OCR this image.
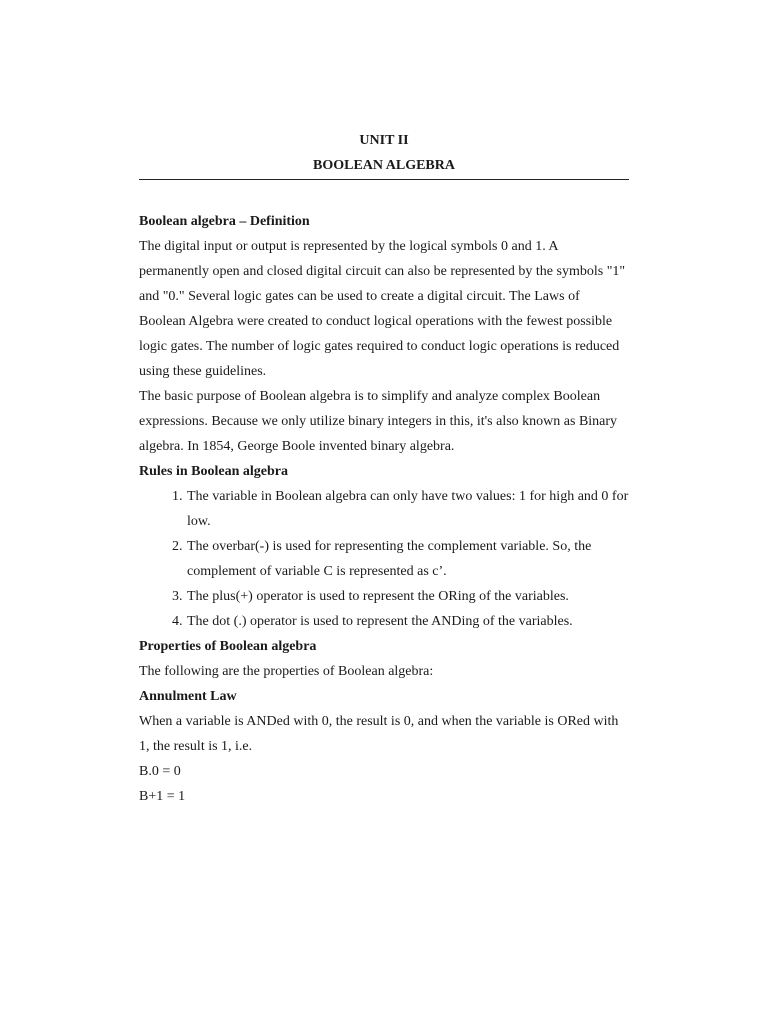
UNIT II

BOOLEAN ALGEBRA

Boolean algebra – Definition

The digital input or output is represented by the logical symbols 0 and 1. A permanently open and closed digital circuit can also be represented by the symbols "1" and "0." Several logic gates can be used to create a digital circuit. The Laws of Boolean Algebra were created to conduct logical operations with the fewest possible logic gates. The number of logic gates required to conduct logic operations is reduced using these guidelines.

The basic purpose of Boolean algebra is to simplify and analyze complex Boolean expressions. Because we only utilize binary integers in this, it's also known as Binary algebra. In 1854, George Boole invented binary algebra.

Rules in Boolean algebra

1. The variable in Boolean algebra can only have two values: 1 for high and 0 for low.
2. The overbar(-) is used for representing the complement variable. So, the complement of variable C is represented as c’.
3. The plus(+) operator is used to represent the ORing of the variables.
4. The dot (.) operator is used to represent the ANDing of the variables.

Properties of Boolean algebra

The following are the properties of Boolean algebra:

Annulment Law

When a variable is ANDed with 0, the result is 0, and when the variable is ORed with 1, the result is 1, i.e.

B.0 = 0

B+1 = 1
